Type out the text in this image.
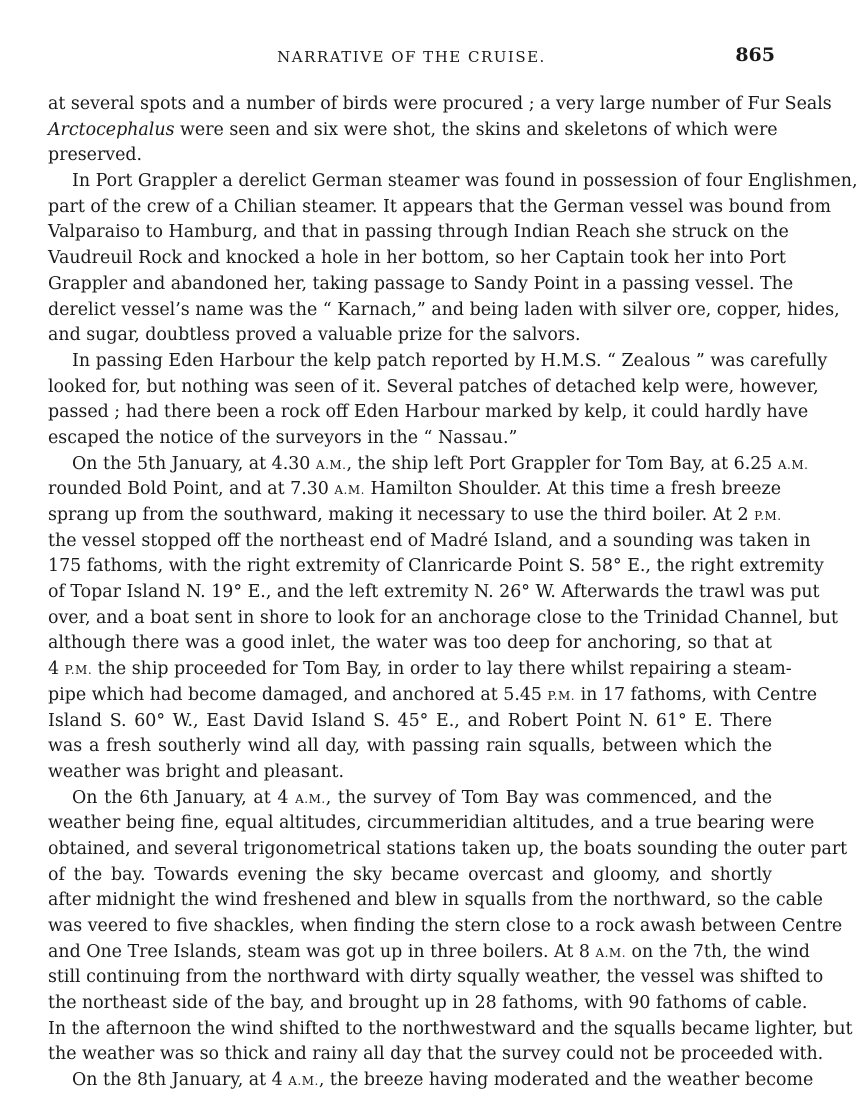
NARRATIVE OF THE CRUISE.	865
at several spots and a number of birds were procured ; a very large number of Fur Seals
Arctocephalus were seen and six were shot, the skins and skeletons of which were
preserved.
In Port Grappler a derelict German steamer was found in possession of four Englishmen,
part of the crew of a Chilian steamer. It appears that the German vessel was bound from
Valparaiso to Hamburg, and that in passing through Indian Reach she struck on the
Vaudreuil Rock and knocked a hole in her bottom, so her Captain took her into Port
Grappler and abandoned her, taking passage to Sandy Point in a passing vessel. The
derelict vessel’s name was the “ Karnach,” and being laden with silver ore, copper, hides,
and sugar, doubtless proved a valuable prize for the salvors.
In passing Eden Harbour the kelp patch reported by H.M.S. “ Zealous ” was carefully
looked for, but nothing was seen of it. Several patches of detached kelp were, however,
passed ; had there been a rock off Eden Harbour marked by kelp, it could hardly have
escaped the notice of the surveyors in the “ Nassau.”
On the 5th January, at 4.30 A.M., the ship left Port Grappler for Tom Bay, at 6.25 A.M.
rounded Bold Point, and at 7.30 A.M. Hamilton Shoulder. At this time a fresh breeze
sprang up from the southward, making it necessary to use the third boiler. At 2 P.M.
the vessel stopped off the northeast end of Madré Island, and a sounding was taken in
175 fathoms, with the right extremity of Clanricarde Point S. 58° E., the right extremity
of Topar Island N. 19° E., and the left extremity N. 26° W. Afterwards the trawl was put
over, and a boat sent in shore to look for an anchorage close to the Trinidad Channel, but
although there was a good inlet, the water was too deep for anchoring, so that at
4 P.M. the ship proceeded for Tom Bay, in order to lay there whilst repairing a steam-
pipe which had become damaged, and anchored at 5.45 P.M. in 17 fathoms, with Centre
Island S. 60° W., East David Island S. 45° E., and Robert Point N. 61° E. There
was a fresh southerly wind all day, with passing rain squalls, between which the
weather was bright and pleasant.
On the 6th January, at 4 A.M., the survey of Tom Bay was commenced, and the
weather being fine, equal altitudes, circummeridian altitudes, and a true bearing were
obtained, and several trigonometrical stations taken up, the boats sounding the outer part
of the bay. Towards evening the sky became overcast and gloomy, and shortly
after midnight the wind freshened and blew in squalls from the northward, so the cable
was veered to five shackles, when finding the stern close to a rock awash between Centre
and One Tree Islands, steam was got up in three boilers. At 8 A.M. on the 7th, the wind
still continuing from the northward with dirty squally weather, the vessel was shifted to
the northeast side of the bay, and brought up in 28 fathoms, with 90 fathoms of cable.
In the afternoon the wind shifted to the northwestward and the squalls became lighter, but
the weather was so thick and rainy all day that the survey could not be proceeded with.
On the 8th January, at 4 A.M., the breeze having moderated and the weather become
